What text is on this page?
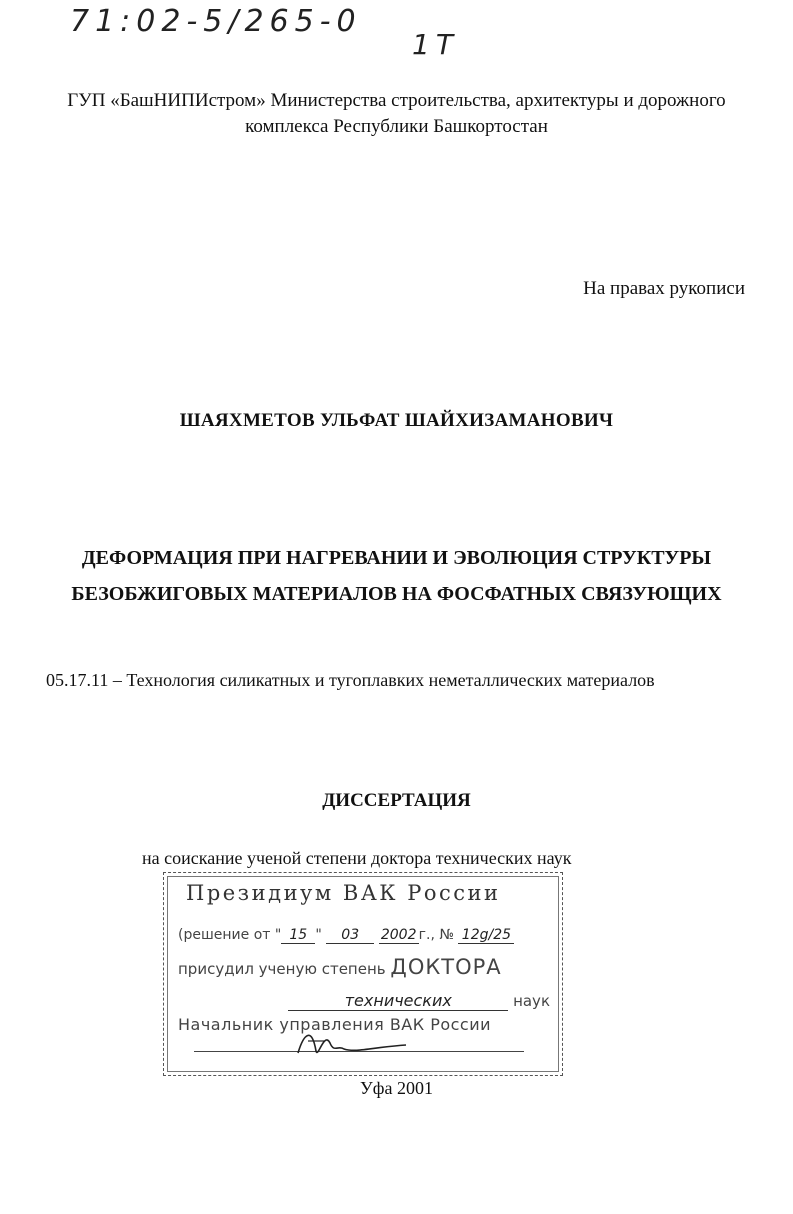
71:02-5/265-0
1T
ГУП «БашНИПИстром» Министерства строительства, архитектуры и дорожного комплекса Республики Башкортостан
На правах рукописи
ШАЯХМЕТОВ УЛЬФАТ ШАЙХИЗАМАНОВИЧ
ДЕФОРМАЦИЯ ПРИ НАГРЕВАНИИ И ЭВОЛЮЦИЯ СТРУКТУРЫ
БЕЗОБЖИГОВЫХ МАТЕРИАЛОВ НА ФОСФАТНЫХ СВЯЗУЮЩИХ
05.17.11 – Технология силикатных и тугоплавких неметаллических материалов
ДИССЕРТАЦИЯ
на соискание ученой степени доктора технических наук
Президиум ВАК России
(решение от " 15 " 03 2002 г., № 12g/25
присудил ученую степень ДОКТОРА
технических	наук
Начальник управления ВАК России
Уфа 2001
